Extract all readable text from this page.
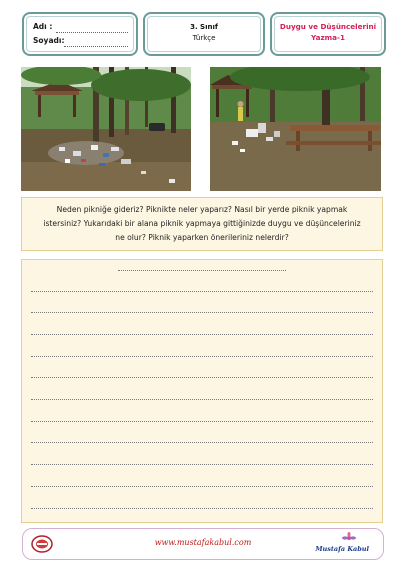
Adı :
Soyadı:
3. Sınıf
Türkçe
Duygu ve Düşüncelerini
Yazma-1
Neden pikniğe gideriz? Piknikte neler yaparız? Nasıl bir yerde piknik yapmak
istersiniz? Yukarıdaki bir alana piknik yapmaya gittiğinizde duygu ve düşünceleriniz
ne olur? Piknik yaparken önerileriniz nelerdir?
www.mustafakabul.com
Mustafa Kabul
